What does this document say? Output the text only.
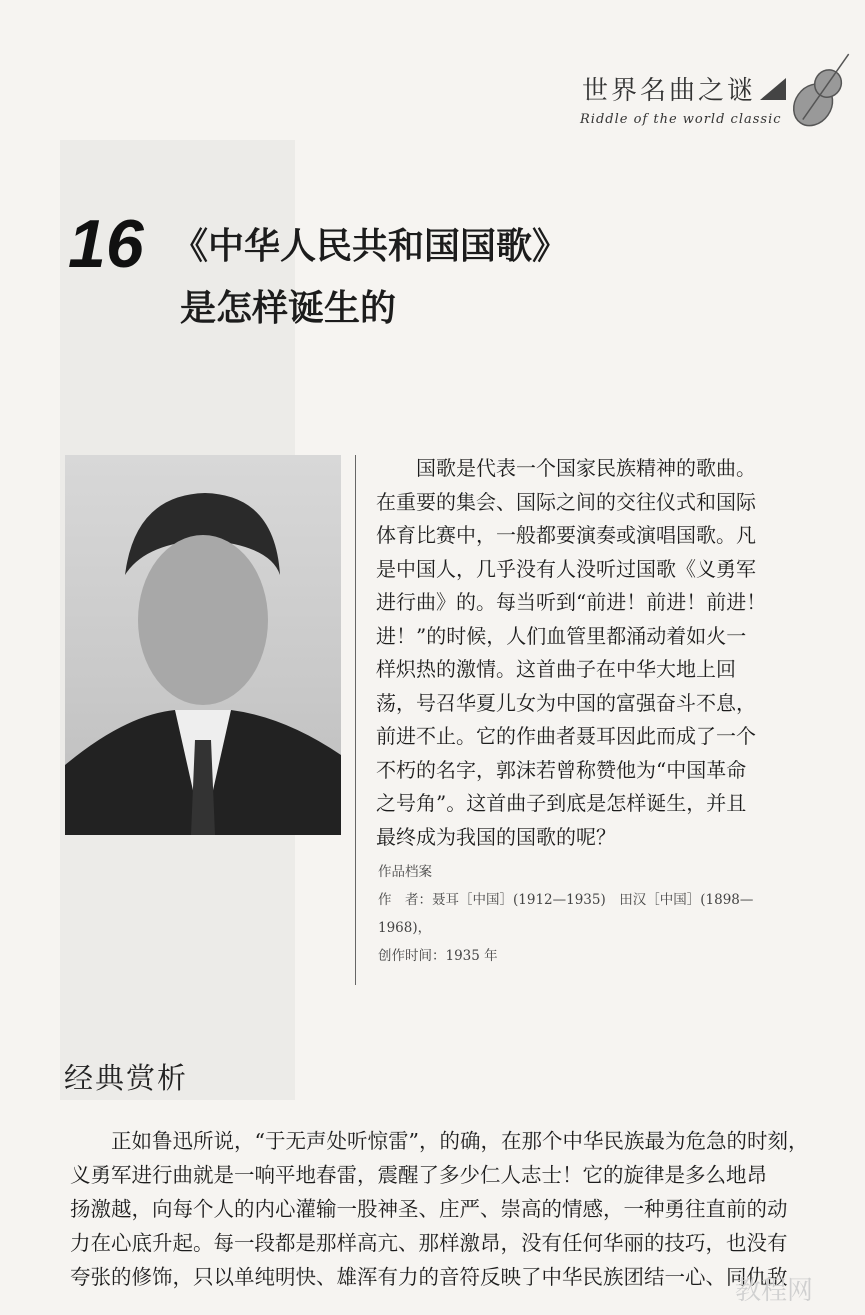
世界名曲之谜
Riddle of the world classic
16 《中华人民共和国国歌》
是怎样诞生的
　　国歌是代表一个国家民族精神的歌曲。
在重要的集会、国际之间的交往仪式和国际
体育比赛中，一般都要演奏或演唱国歌。凡
是中国人，几乎没有人没听过国歌《义勇军
进行曲》的。每当听到“前进！前进！前进！
进！”的时候，人们血管里都涌动着如火一
样炽热的激情。这首曲子在中华大地上回
荡，号召华夏儿女为中国的富强奋斗不息，
前进不止。它的作曲者聂耳因此而成了一个
不朽的名字，郭沫若曾称赞他为“中国革命
之号角”。这首曲子到底是怎样诞生，并且
最终成为我国的国歌的呢？
作品档案
作　者：聂耳［中国］(1912—1935)　田汉［中国］(1898—
1968)，
创作时间：1935 年
经典赏析
　　正如鲁迅所说，“于无声处听惊雷”，的确，在那个中华民族最为危急的时刻，
义勇军进行曲就是一响平地春雷，震醒了多少仁人志士！它的旋律是多么地昂
扬激越，向每个人的内心灌输一股神圣、庄严、崇高的情感，一种勇往直前的动
力在心底升起。每一段都是那样高亢、那样激昂，没有任何华丽的技巧，也没有
夸张的修饰，只以单纯明快、雄浑有力的音符反映了中华民族团结一心、同仇敌
教程网
